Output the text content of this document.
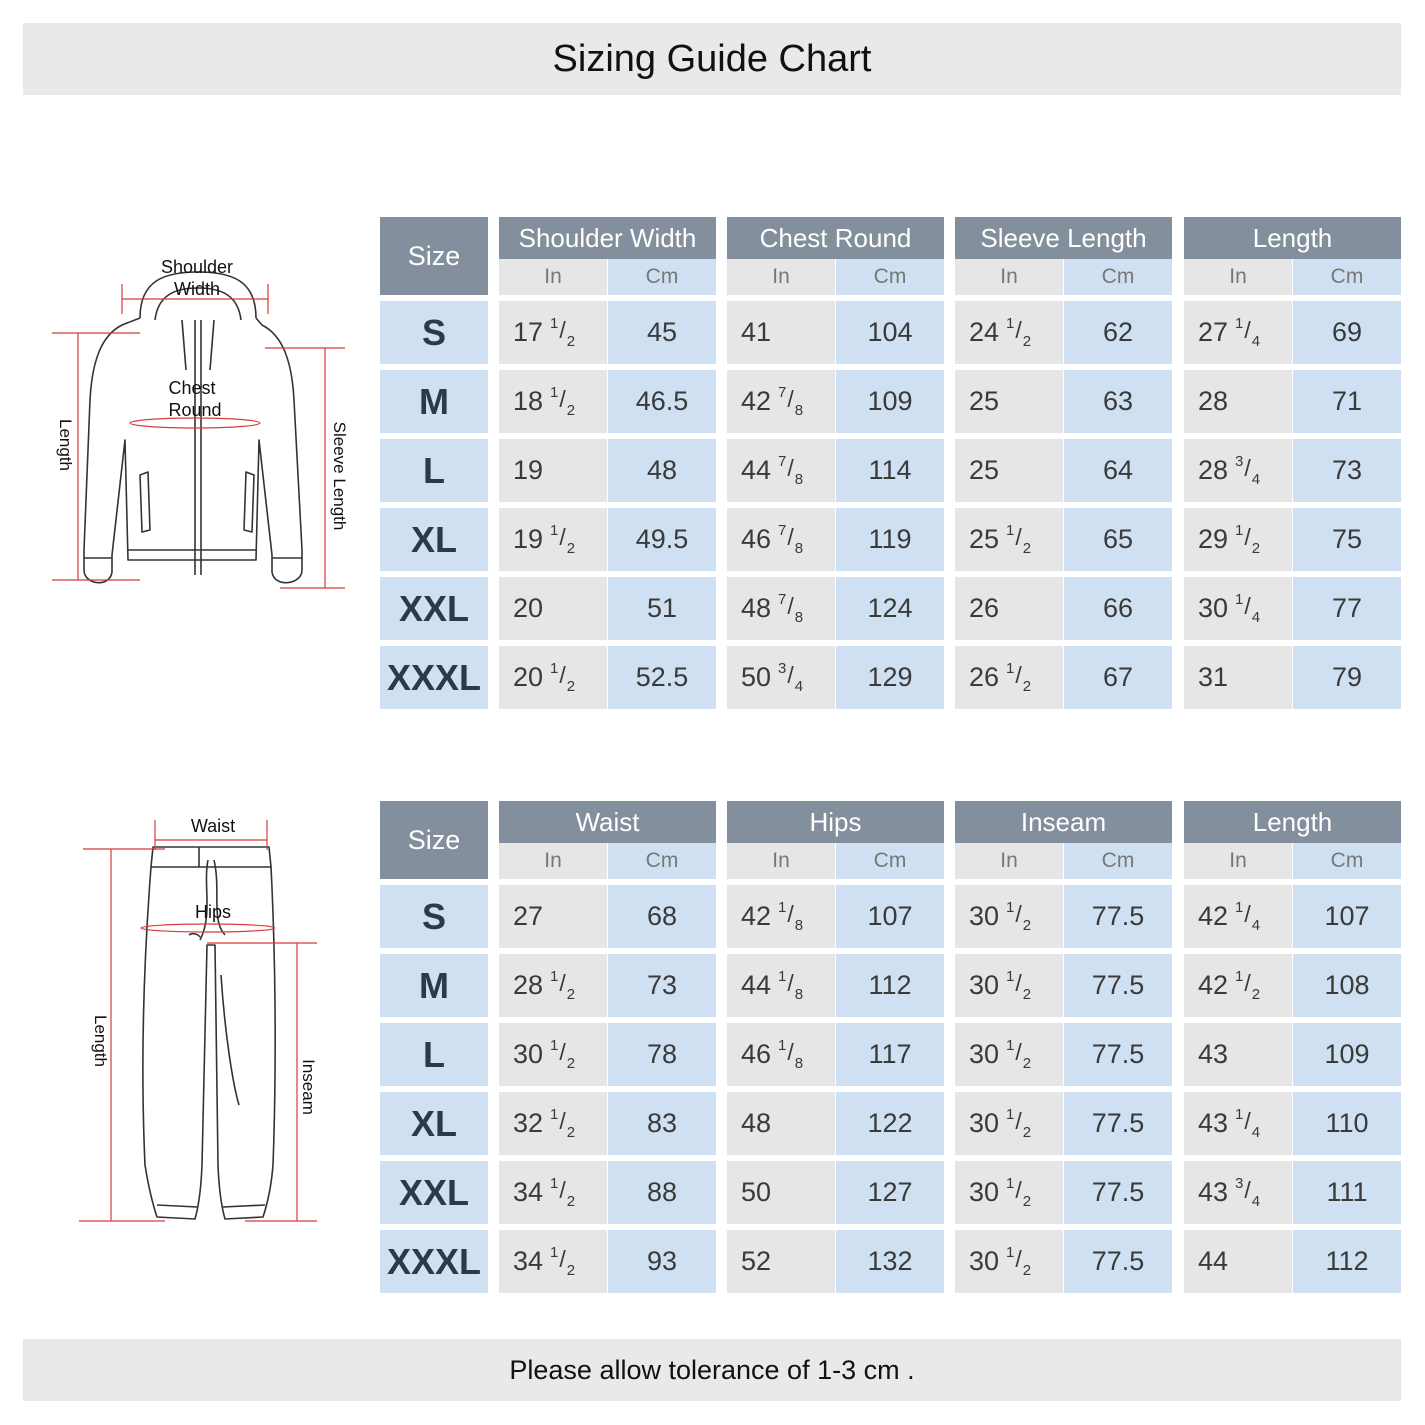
Sizing Guide Chart
Shoulder
Width
Chest
Round
Length	Sleeve Length
Waist
Hips
Length
Inseam
Size
Shoulder Width
In	Cm
Chest Round
In	Cm
Sleeve Length
In	Cm
Length
In	Cm
S	17 1 / 2	45	41	104	24 1 / 2	62	27 1 / 4	69
M	18 1 / 2	46.5	42 7 / 8	109	25	63	28	71
L	19	48	44 7 / 8	114	25	64	28 3 / 4	73
XL	19 1 / 2	49.5	46 7 / 8	119	25 1 / 2	65	29 1 / 2	75
XXL	20	51	48 7 / 8	124	26	66	30 1 / 4	77
XXXL 20 1 / 2	52.5	50 3 / 4	129	26 1 / 2	67	31	79
Size
Waist
In	Cm
Hips
In	Cm
Inseam
In	Cm
Length
In	Cm
S	27	68	42 1 / 8	107	30 1 / 2	77.5	42 1 / 4	107
M	28 1 / 2	73	44 1 / 8	112	30 1 / 2	77.5	42 1 / 2	108
L	30 1 / 2	78	46 1 / 8	117	30 1 / 2	77.5	43	109
XL	32 1 / 2	83	48	122	30 1 / 2	77.5	43 1 / 4	110
XXL	34 1 / 2	88	50	127	30 1 / 2	77.5	43 3 / 4	111
XXXL 34 1 / 2	93	52	132	30 1 / 2	77.5	44	112
Please allow tolerance of 1-3 cm .
